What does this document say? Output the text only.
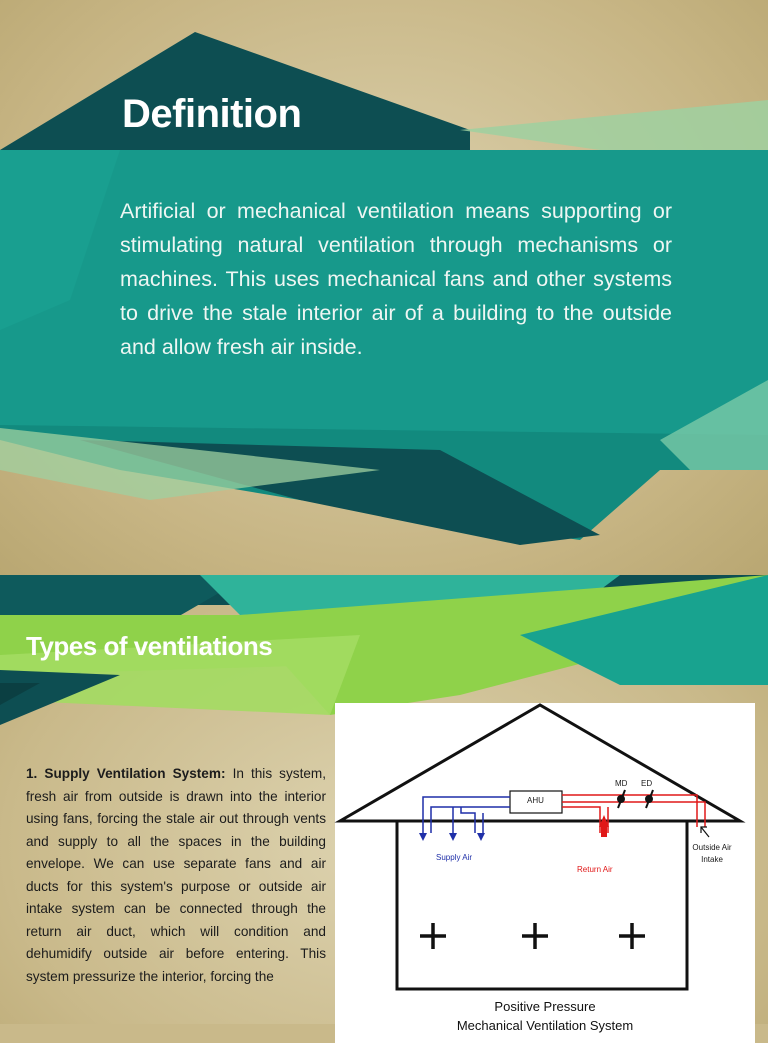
Definition

Artificial or mechanical ventilation means supporting or stimulating natural ventilation through mechanisms or machines. This uses mechanical fans and other systems to drive the stale interior air of a building to the outside and allow fresh air inside.

Types of ventilations

1. Supply Ventilation System: In this system, fresh air from outside is drawn into the interior using fans, forcing the stale air out through vents and supply to all the spaces in the building envelope. We can use separate fans and air ducts for this system's purpose or outside air intake system can be connected through the return air duct, which will condition and dehumidify outside air before entering. This system pressurize the interior, forcing the

AHU
MD ED
Supply Air
Return Air
Outside Air Intake
Positive Pressure
Mechanical Ventilation System
